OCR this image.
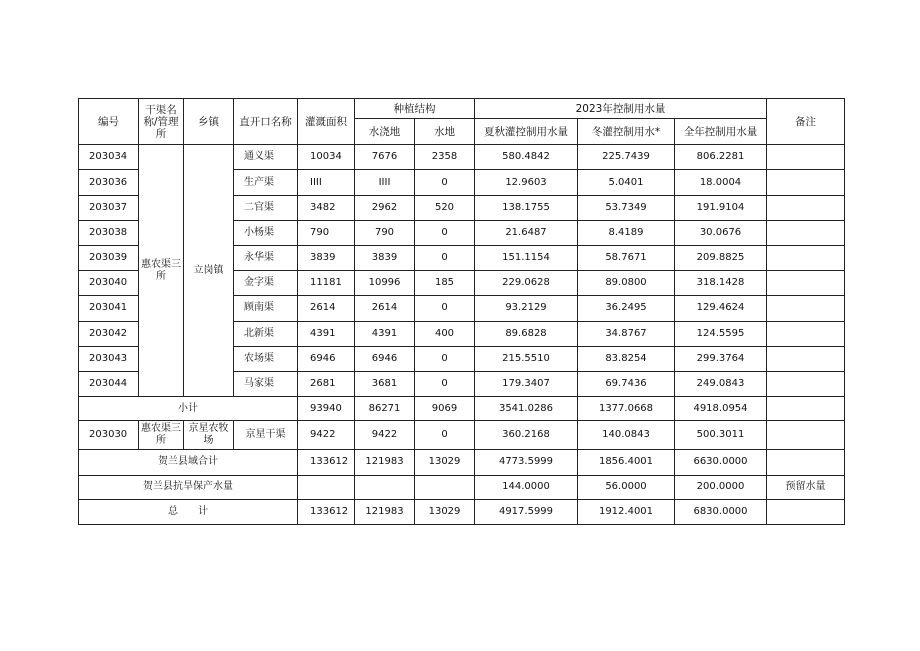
编号	干渠名称/管理所	乡镇	直开口名称	灌溉面积	种植结构		2023年控制用水量			备注
					水浇地	水地	夏秋灌控制用水量	冬灌控制用水*	全年控制用水量	
203034	惠农渠三所	立岗镇	通义渠	10034	7676	2358	580.4842	225.7439	806.2281	
203036			生产渠	IIII	IIII	0	12.9603	5.0401	18.0004	
203037			二官渠	3482	2962	520	138.1755	53.7349	191.9104	
203038			小杨渠	790	790	0	21.6487	8.4189	30.0676	
203039			永华渠	3839	3839	0	151.1154	58.7671	209.8825	
203040			金字渠	11181	10996	185	229.0628	89.0800	318.1428	
203041			顾南渠	2614	2614	0	93.2129	36.2495	129.4624	
203042			北新渠	4391	4391	400	89.6828	34.8767	124.5595	
203043			农场渠	6946	6946	0	215.5510	83.8254	299.3764	
203044			马家渠	2681	3681	0	179.3407	69.7436	249.0843	
小计				93940	86271	9069	3541.0286	1377.0668	4918.0954	
203030	惠农渠三所	京星农牧场	京星干渠	9422	9422	0	360.2168	140.0843	500.3011	
贺兰县域合计				133612	121983	13029	4773.5999	1856.4001	6630.0000	
贺兰县抗旱保产水量							144.0000	56.0000	200.0000	预留水量
总　　计				133612	121983	13029	4917.5999	1912.4001	6830.0000	
